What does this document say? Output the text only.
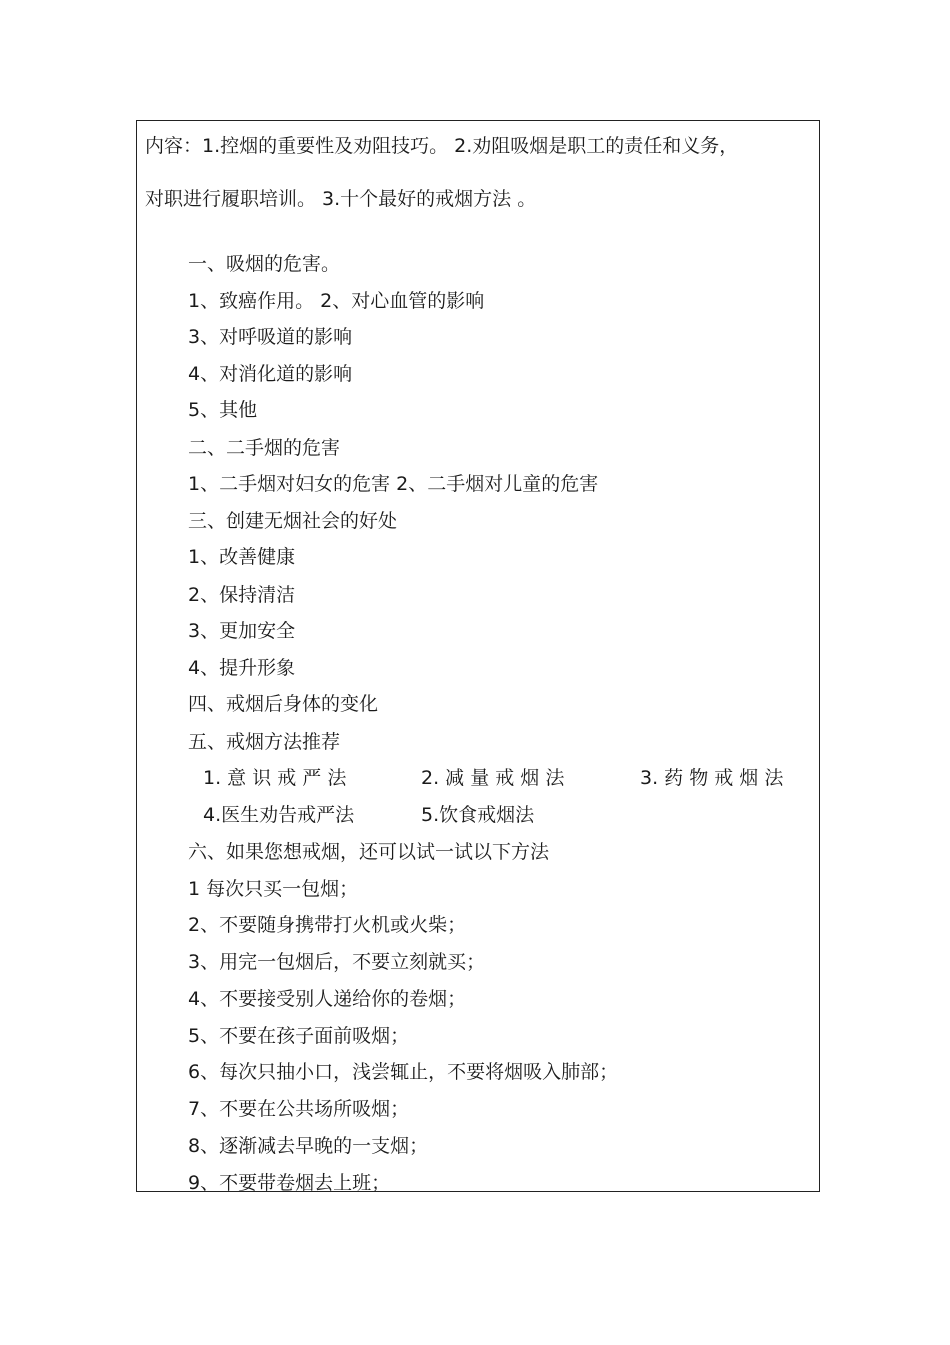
内容：1.控烟的重要性及劝阻技巧。 2.劝阻吸烟是职工的责任和义务，
对职进行履职培训。 3.十个最好的戒烟方法 。
一、吸烟的危害。
1、致癌作用。 2、对心血管的影响
3、对呼吸道的影响
4、对消化道的影响
5、其他
二、二手烟的危害
1、二手烟对妇女的危害 2、二手烟对儿童的危害
三、创建无烟社会的好处
1、改善健康
2、保持清洁
3、更加安全
4、提升形象
四、戒烟后身体的变化
五、戒烟方法推荐
1. 意 识 戒 严 法	2. 减 量 戒 烟 法	3. 药 物 戒 烟 法
4.医生劝告戒严法	5.饮食戒烟法
六、如果您想戒烟，还可以试一试以下方法
1 每次只买一包烟；
2、不要随身携带打火机或火柴；
3、用完一包烟后，不要立刻就买；
4、不要接受别人递给你的卷烟；
5、不要在孩子面前吸烟；
6、每次只抽小口，浅尝辄止，不要将烟吸入肺部；
7、不要在公共场所吸烟；
8、逐渐减去早晚的一支烟；
9、不要带卷烟去上班；
